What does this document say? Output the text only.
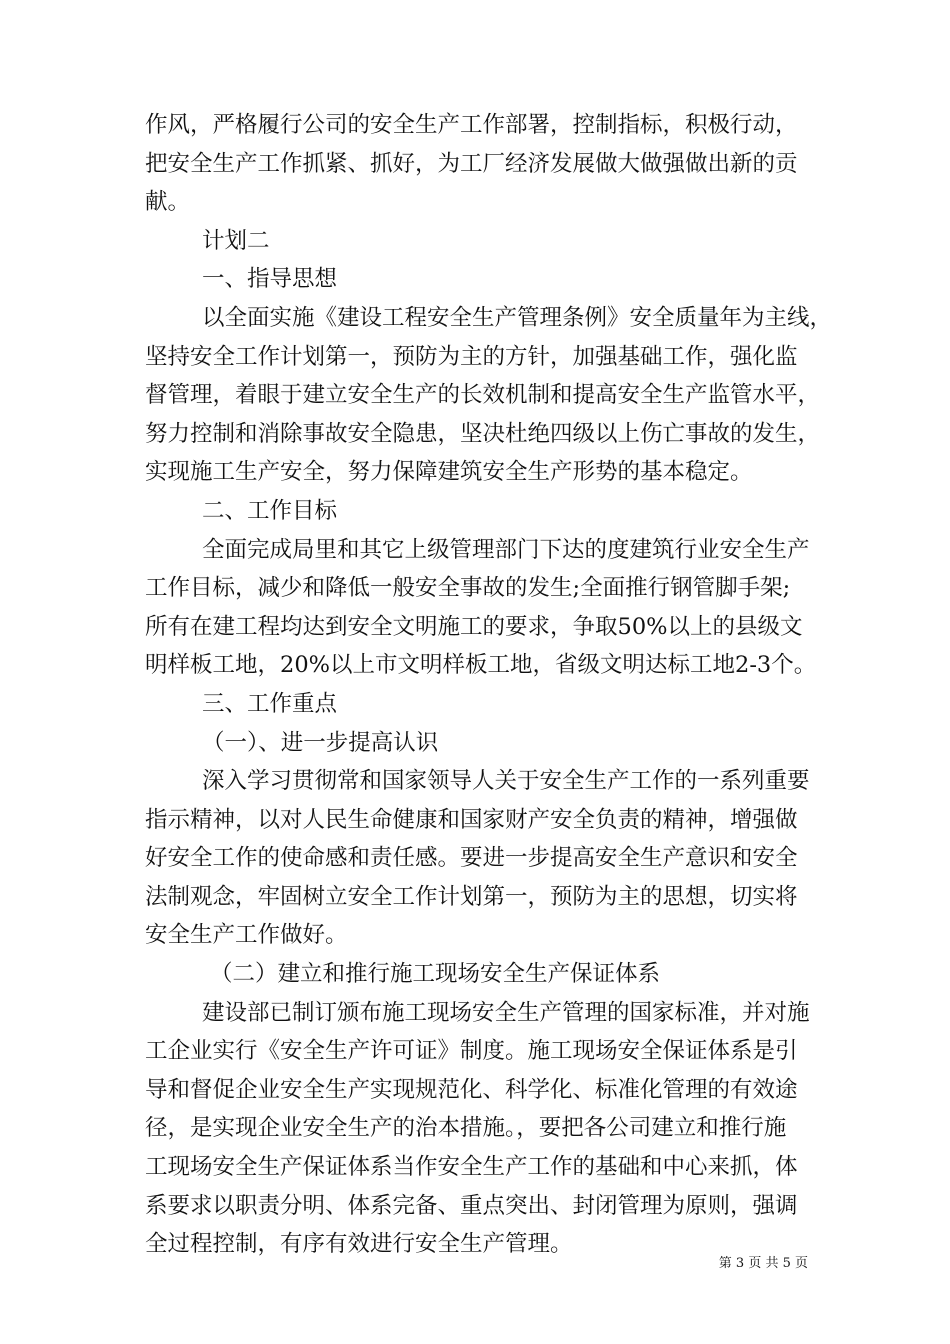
作风，严格履行公司的安全生产工作部署，控制指标，积极行动，
把安全生产工作抓紧、抓好，为工厂经济发展做大做强做出新的贡
献。
计划二
一、指导思想
以全面实施《建设工程安全生产管理条例》安全质量年为主线，
坚持安全工作计划第一，预防为主的方针，加强基础工作，强化监
督管理，着眼于建立安全生产的长效机制和提高安全生产监管水平，
努力控制和消除事故安全隐患，坚决杜绝四级以上伤亡事故的发生，
实现施工生产安全，努力保障建筑安全生产形势的基本稳定。
二、工作目标
全面完成局里和其它上级管理部门下达的度建筑行业安全生产
工作目标，减少和降低一般安全事故的发生;全面推行钢管脚手架;
所有在建工程均达到安全文明施工的要求，争取50%以上的县级文
明样板工地，20%以上市文明样板工地，省级文明达标工地2-3个。
三、工作重点
（一）、进一步提高认识
深入学习贯彻常和国家领导人关于安全生产工作的一系列重要
指示精神，以对人民生命健康和国家财产安全负责的精神，增强做
好安全工作的使命感和责任感。要进一步提高安全生产意识和安全
法制观念，牢固树立安全工作计划第一，预防为主的思想，切实将
安全生产工作做好。
（二）建立和推行施工现场安全生产保证体系
建设部已制订颁布施工现场安全生产管理的国家标准，并对施
工企业实行《安全生产许可证》制度。施工现场安全保证体系是引
导和督促企业安全生产实现规范化、科学化、标准化管理的有效途
径，是实现企业安全生产的治本措施。，要把各公司建立和推行施
工现场安全生产保证体系当作安全生产工作的基础和中心来抓，体
系要求以职责分明、体系完备、重点突出、封闭管理为原则，强调
全过程控制，有序有效进行安全生产管理。
第 3 页 共 5 页
